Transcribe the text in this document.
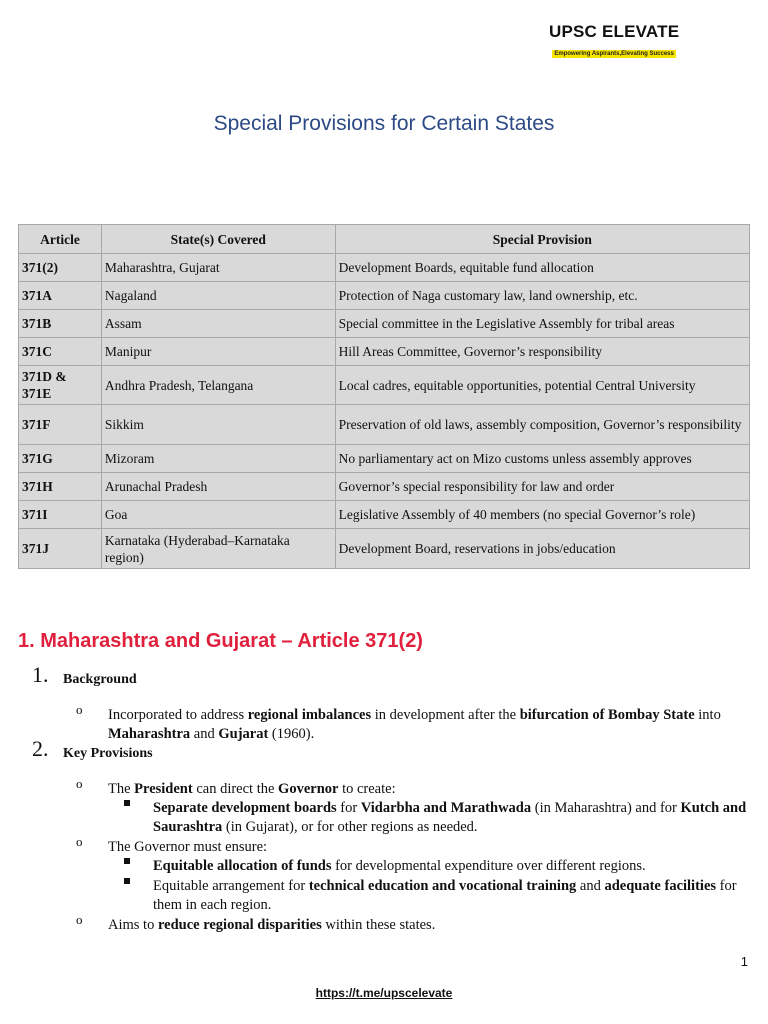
UPSC ELEVATE
Empowering Aspirants,Elevating Success
Special Provisions for Certain States
Article	State(s) Covered	Special Provision
371(2)	Maharashtra, Gujarat	Development Boards, equitable fund allocation
371A	Nagaland	Protection of Naga customary law, land ownership, etc.
371B	Assam	Special committee in the Legislative Assembly for tribal areas
371C	Manipur	Hill Areas Committee, Governor’s responsibility
371D & 371E	Andhra Pradesh, Telangana	Local cadres, equitable opportunities, potential Central University
371F	Sikkim	Preservation of old laws, assembly composition, Governor’s responsibility
371G	Mizoram	No parliamentary act on Mizo customs unless assembly approves
371H	Arunachal Pradesh	Governor’s special responsibility for law and order
371I	Goa	Legislative Assembly of 40 members (no special Governor’s role)
371J	Karnataka (Hyderabad–Karnataka region)	Development Board, reservations in jobs/education
1. Maharashtra and Gujarat – Article 371(2)
1. Background
o Incorporated to address regional imbalances in development after the bifurcation of Bombay State into Maharashtra and Gujarat (1960).
2. Key Provisions
o The President can direct the Governor to create:
Separate development boards for Vidarbha and Marathwada (in Maharashtra) and for Kutch and Saurashtra (in Gujarat), or for other regions as needed.
o The Governor must ensure:
Equitable allocation of funds for developmental expenditure over different regions.
Equitable arrangement for technical education and vocational training and adequate facilities for them in each region.
o Aims to reduce regional disparities within these states.
1
https://t.me/upscelevate
